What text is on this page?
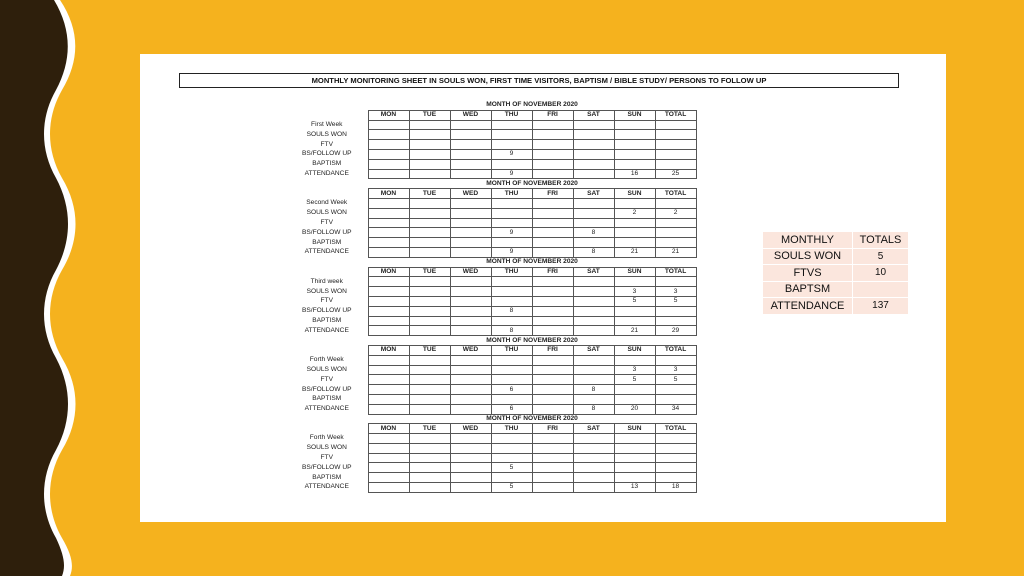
MONTHLY MONITORING SHEET IN SOULS WON, FIRST TIME VISITORS, BAPTISM / BIBLE STUDY/ PERSONS TO FOLLOW UP
	MONTH OF NOVEMBER 2020							
	MON	TUE	WED	THU	FRI	SAT	SUN	TOTAL
First Week								
SOULS WON								
FTV								
BS/FOLLOW UP				9				
BAPTISM								
ATTENDANCE				9			16	25
	MONTH OF NOVEMBER 2020							
	MON	TUE	WED	THU	FRI	SAT	SUN	TOTAL
Second Week								
SOULS WON							2	2
FTV								
BS/FOLLOW UP				9		8		
BAPTISM								
ATTENDANCE				9		8	21	21
	MONTH OF NOVEMBER 2020							
	MON	TUE	WED	THU	FRI	SAT	SUN	TOTAL
Third week								
SOULS WON							3	3
FTV							5	5
BS/FOLLOW UP				8				
BAPTISM								
ATTENDANCE				8			21	29
	MONTH OF NOVEMBER 2020							
	MON	TUE	WED	THU	FRI	SAT	SUN	TOTAL
Forth Week								
SOULS WON							3	3
FTV							5	5
BS/FOLLOW UP				6		8		
BAPTISM								
ATTENDANCE				6		8	20	34
	MONTH OF NOVEMBER 2020							
	MON	TUE	WED	THU	FRI	SAT	SUN	TOTAL
Forth Week								
SOULS WON								
FTV								
BS/FOLLOW UP				5				
BAPTISM								
ATTENDANCE				5			13	18
MONTHLY	TOTALS
SOULS WON	5
FTVS	10
BAPTSM	
ATTENDANCE	137
